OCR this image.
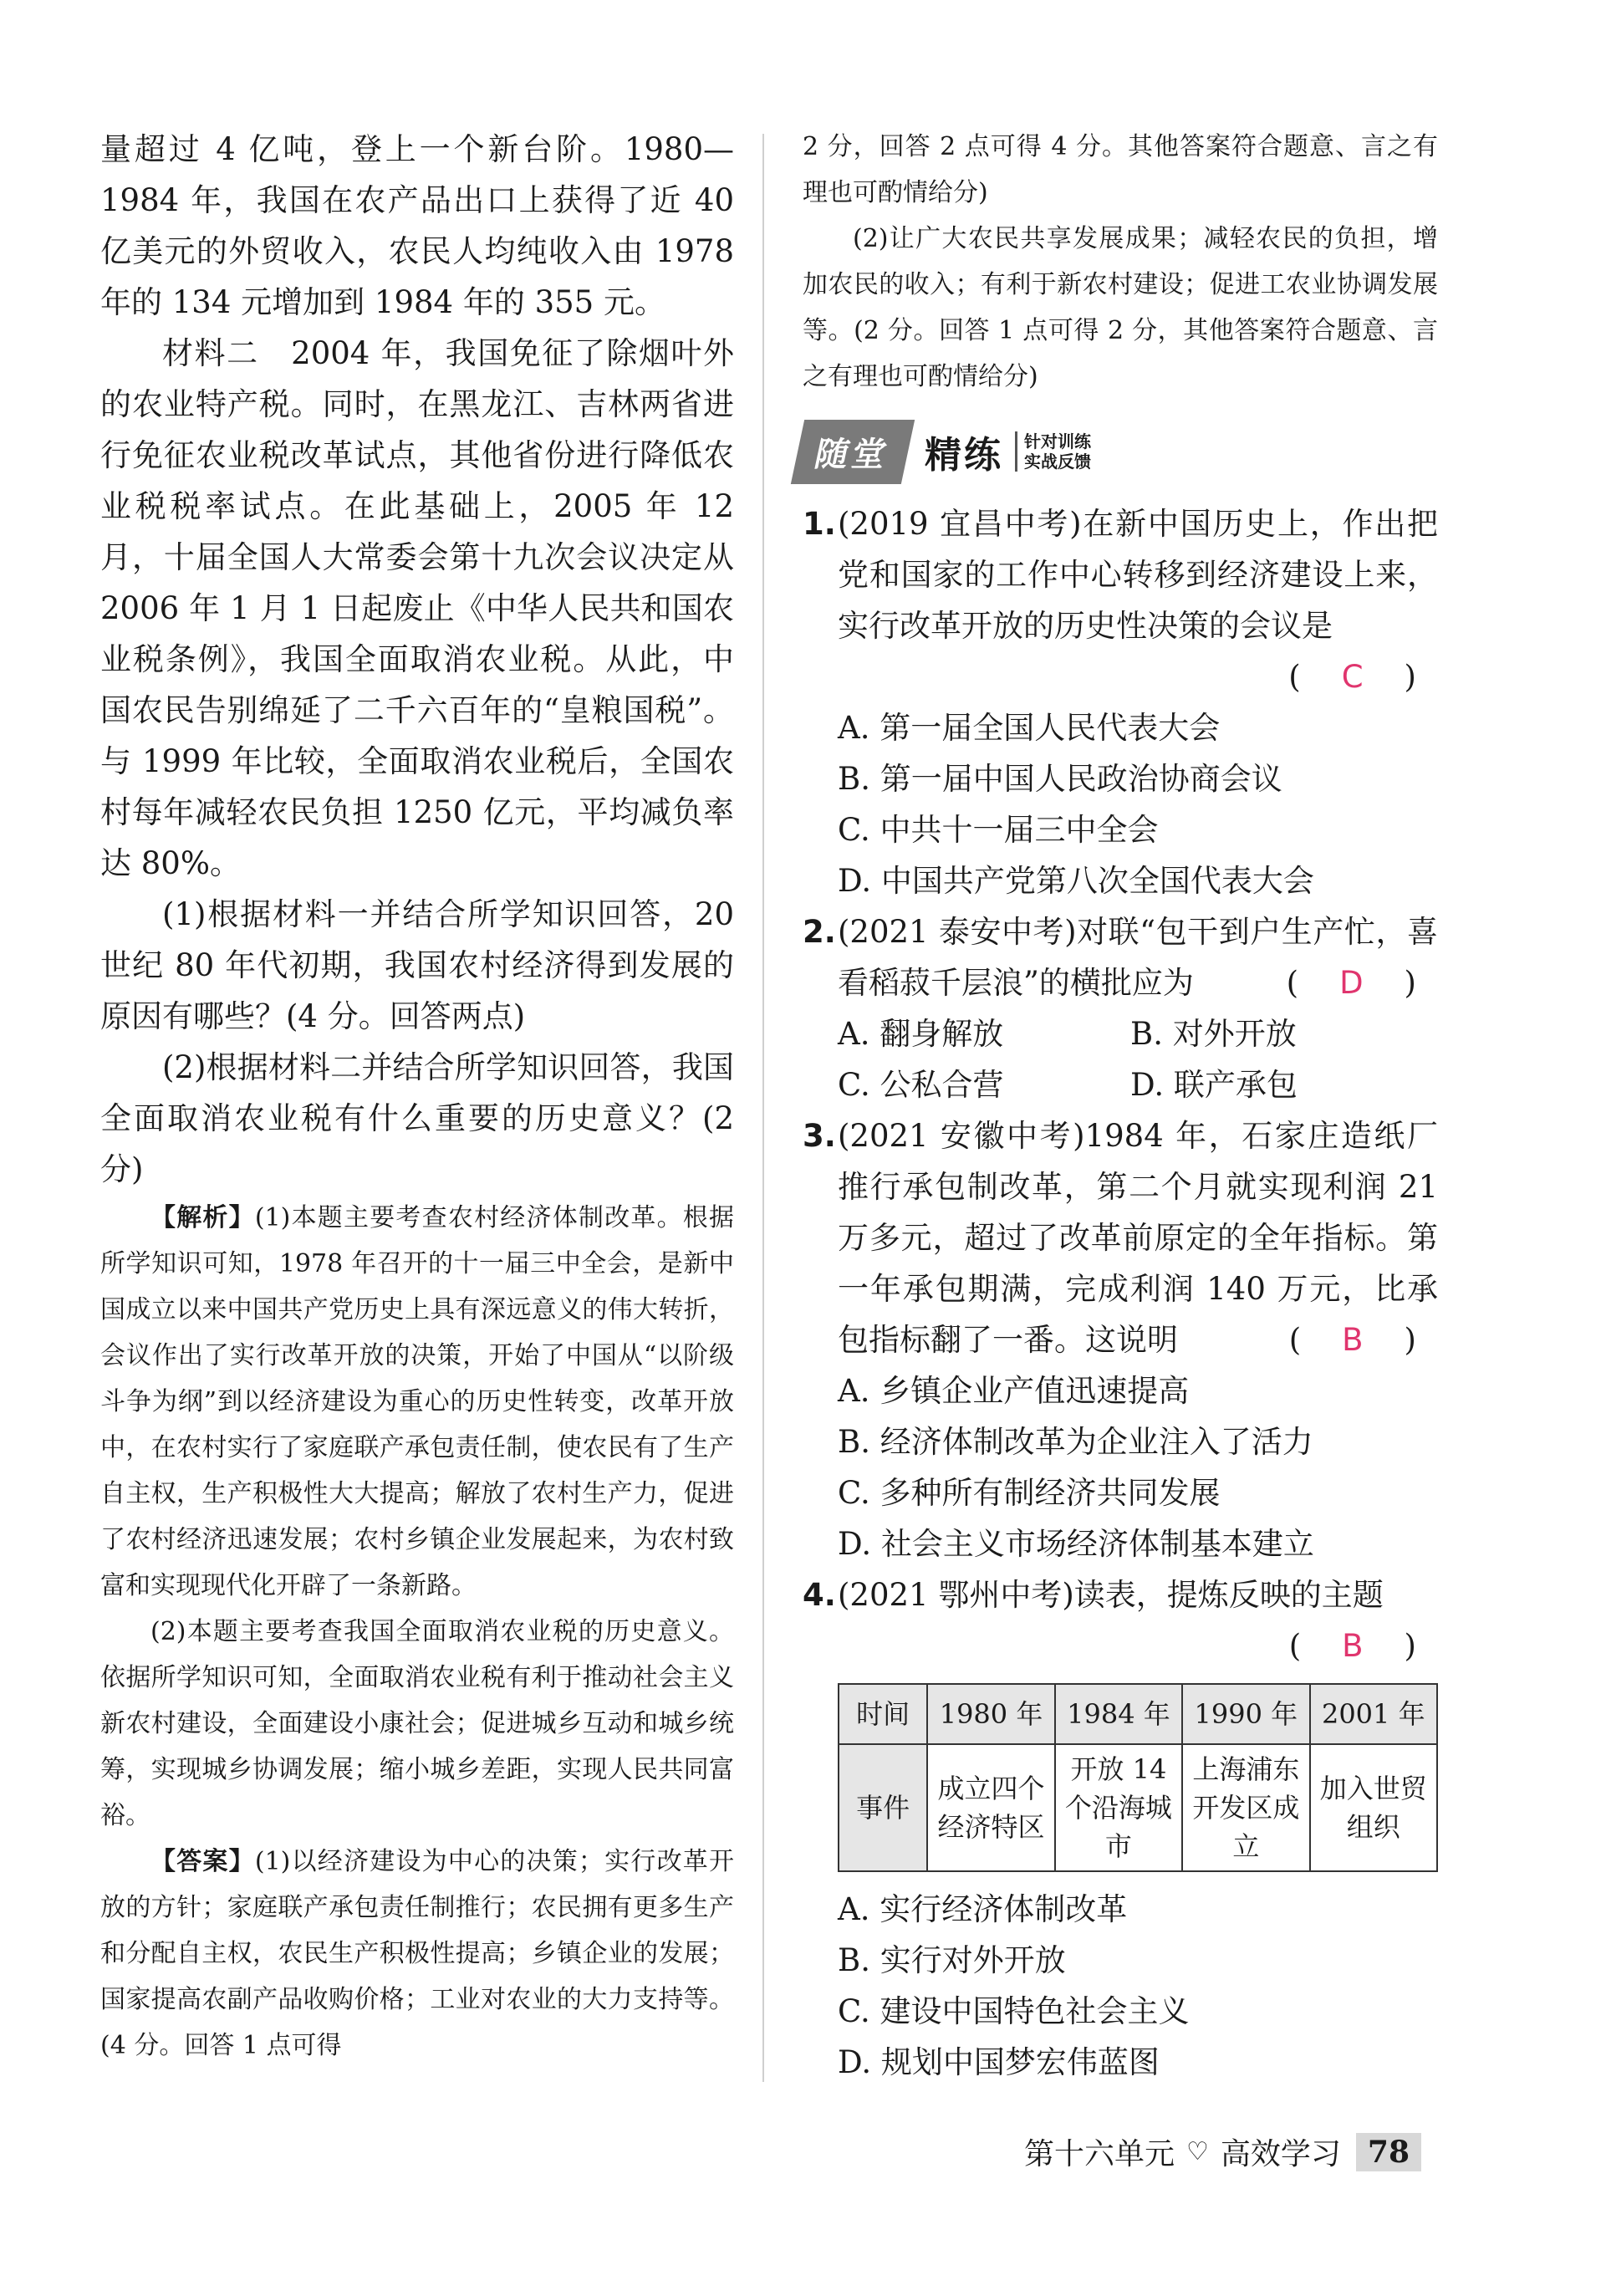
量超过 4 亿吨，登上一个新台阶。1980—1984 年，我国在农产品出口上获得了近 40 亿美元的外贸收入，农民人均纯收入由 1978 年的 134 元增加到 1984 年的 355 元。

材料二　2004 年，我国免征了除烟叶外的农业特产税。同时，在黑龙江、吉林两省进行免征农业税改革试点，其他省份进行降低农业税税率试点。在此基础上，2005 年 12 月，十届全国人大常委会第十九次会议决定从 2006 年 1 月 1 日起废止《中华人民共和国农业税条例》，我国全面取消农业税。从此，中国农民告别绵延了二千六百年的“皇粮国税”。与 1999 年比较，全面取消农业税后，全国农村每年减轻农民负担 1250 亿元，平均减负率达 80%。

(1)根据材料一并结合所学知识回答，20 世纪 80 年代初期，我国农村经济得到发展的原因有哪些？(4 分。回答两点)

(2)根据材料二并结合所学知识回答，我国全面取消农业税有什么重要的历史意义？(2 分)

【解析】(1)本题主要考查农村经济体制改革。根据所学知识可知，1978 年召开的十一届三中全会，是新中国成立以来中国共产党历史上具有深远意义的伟大转折，会议作出了实行改革开放的决策，开始了中国从“以阶级斗争为纲”到以经济建设为重心的历史性转变，改革开放中，在农村实行了家庭联产承包责任制，使农民有了生产自主权，生产积极性大大提高；解放了农村生产力，促进了农村经济迅速发展；农村乡镇企业发展起来，为农村致富和实现现代化开辟了一条新路。

(2)本题主要考查我国全面取消农业税的历史意义。依据所学知识可知，全面取消农业税有利于推动社会主义新农村建设，全面建设小康社会；促进城乡互动和城乡统筹，实现城乡协调发展；缩小城乡差距，实现人民共同富裕。

【答案】(1)以经济建设为中心的决策；实行改革开放的方针；家庭联产承包责任制推行；农民拥有更多生产和分配自主权，农民生产积极性提高；乡镇企业的发展；国家提高农副产品收购价格；工业对农业的大力支持等。(4 分。回答 1 点可得

2 分，回答 2 点可得 4 分。其他答案符合题意、言之有理也可酌情给分)

(2)让广大农民共享发展成果；减轻农民的负担，增加农民的收入；有利于新农村建设；促进工农业协调发展等。(2 分。回答 1 点可得 2 分，其他答案符合题意、言之有理也可酌情给分)

随堂 精练 针对训练
实战反馈
1. (2019 宜昌中考)在新中国历史上，作出把党和国家的工作中心转移到经济建设上来，实行改革开放的历史性决策的会议是
(　C　)
A. 第一届全国人民代表大会
B. 第一届中国人民政治协商会议
C. 中共十一届三中全会
D. 中国共产党第八次全国代表大会
2. (2021 泰安中考)对联“包干到户生产忙，喜看稻菽千层浪”的横批应为	(　D　)
A. 翻身解放	B. 对外开放
C. 公私合营	D. 联产承包
3. (2021 安徽中考)1984 年，石家庄造纸厂推行承包制改革，第二个月就实现利润 21 万多元，超过了改革前原定的全年指标。第一年承包期满，完成利润 140 万元，比承包指标翻了一番。这说明	(　B　)
A. 乡镇企业产值迅速提高
B. 经济体制改革为企业注入了活力
C. 多种所有制经济共同发展
D. 社会主义市场经济体制基本建立
4. (2021 鄂州中考)读表，提炼反映的主题
(　B　)
时间	1980 年	1984 年	1990 年	2001 年
事件	成立四个经济特区	开放 14 个沿海城市	上海浦东开发区成立	加入世贸组织
A. 实行经济体制改革
B. 实行对外开放
C. 建设中国特色社会主义
D. 规划中国梦宏伟蓝图
第十六单元 ♡ 高效学习 78
